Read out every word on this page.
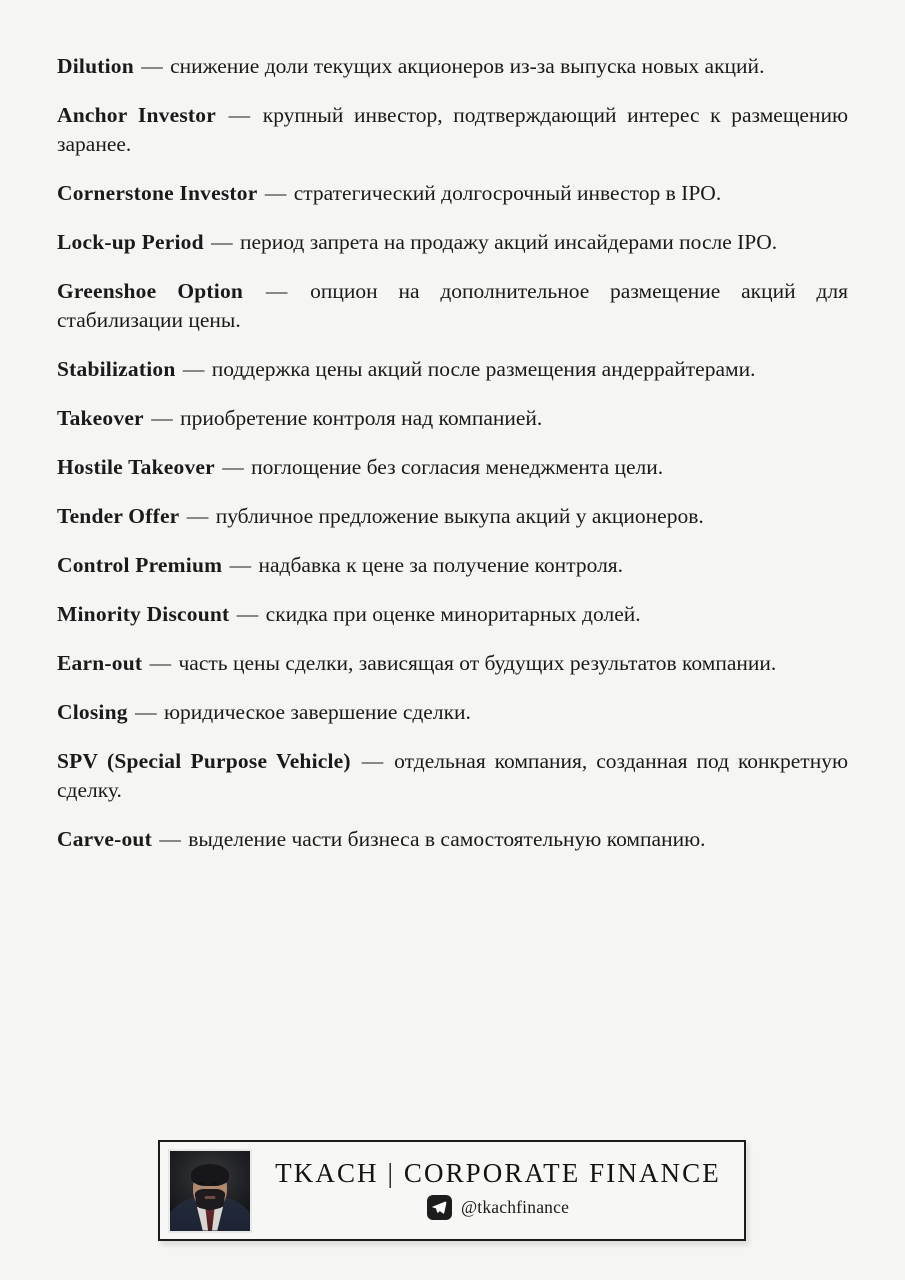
Dilution — снижение доли текущих акционеров из-за выпуска новых акций.

Anchor Investor — крупный инвестор, подтверждающий интерес к размещению заранее.

Cornerstone Investor — стратегический долгосрочный инвестор в IPO.

Lock-up Period — период запрета на продажу акций инсайдерами после IPO.

Greenshoe Option — опцион на дополнительное размещение акций для стабилизации цены.

Stabilization — поддержка цены акций после размещения андеррайтерами.

Takeover — приобретение контроля над компанией.

Hostile Takeover — поглощение без согласия менеджмента цели.

Tender Offer — публичное предложение выкупа акций у акционеров.

Control Premium — надбавка к цене за получение контроля.

Minority Discount — скидка при оценке миноритарных долей.

Earn-out — часть цены сделки, зависящая от будущих результатов компании.

Closing — юридическое завершение сделки.

SPV (Special Purpose Vehicle) — отдельная компания, созданная под конкретную сделку.

Carve-out — выделение части бизнеса в самостоятельную компанию.

TKACH | CORPORATE FINANCE
@tkachfinance
